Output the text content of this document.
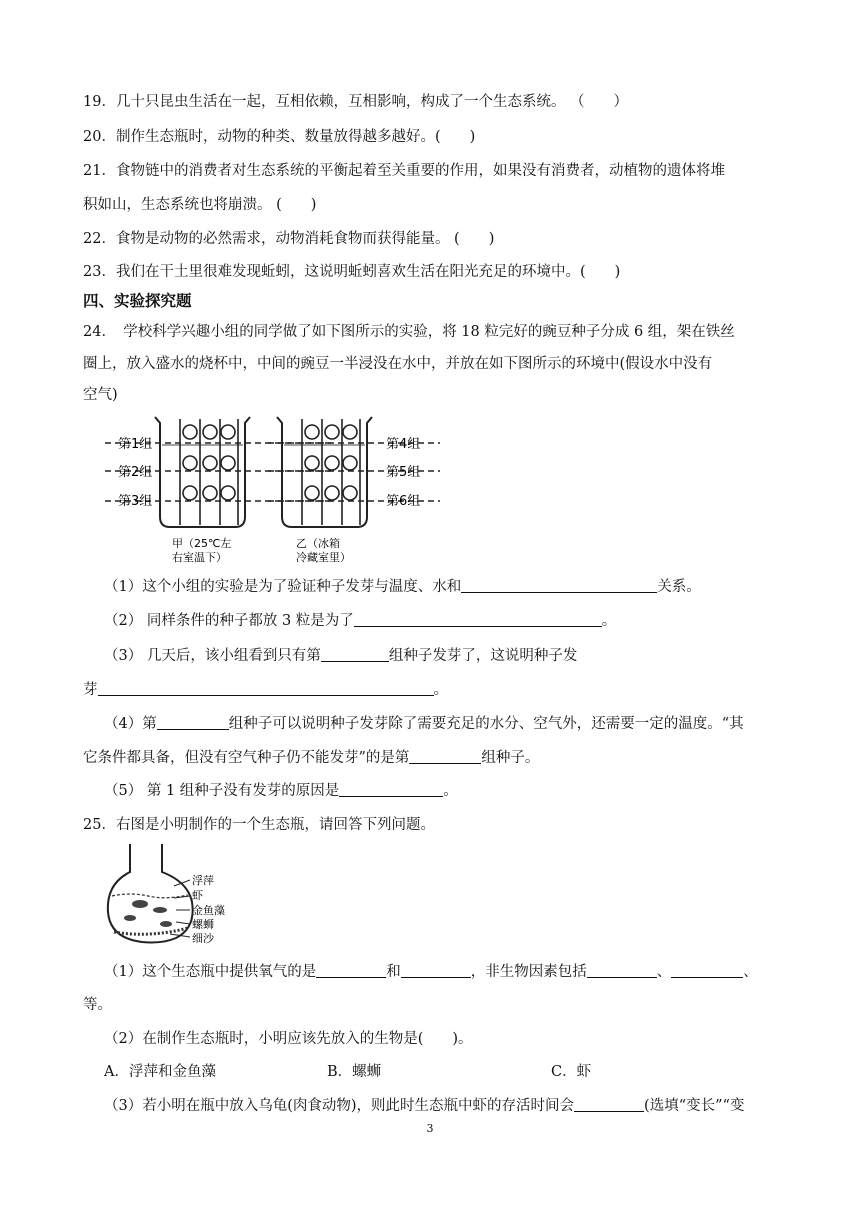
19．几十只昆虫生活在一起，互相依赖，互相影响，构成了一个生态系统。 （　　）
20．制作生态瓶时，动物的种类、数量放得越多越好。(　　)
21．食物链中的消费者对生态系统的平衡起着至关重要的作用，如果没有消费者，动植物的遗体将堆
积如山，生态系统也将崩溃。 (　　)
22．食物是动物的必然需求，动物消耗食物而获得能量。 (　　)
23．我们在干土里很难发现蚯蚓，这说明蚯蚓喜欢生活在阳光充足的环境中。(　　)
四、实验探究题
24．　学校科学兴趣小组的同学做了如下图所示的实验，将 18 粒完好的豌豆种子分成 6 组，架在铁丝
圈上，放入盛水的烧杯中，中间的豌豆一半浸没在水中，并放在如下图所示的环境中(假设水中没有
空气)
第1组
第2组
第3组
第4组
第5组
第6组
甲（25℃左
右室温下）
乙（冰箱
冷藏室里）
（1）这个小组的实验是为了验证种子发芽与温度、水和	关系。
（2） 同样条件的种子都放 3 粒是为了	。
（3） 几天后，该小组看到只有第	组种子发芽了，这说明种子发
芽	。
（4）第	组种子可以说明种子发芽除了需要充足的水分、空气外，还需要一定的温度。“其
它条件都具备，但没有空气种子仍不能发芽”的是第	组种子。
（5） 第 1 组种子没有发芽的原因是	。
25．右图是小明制作的一个生态瓶，请回答下列问题。
浮萍
虾
金鱼藻
螺蛳
细沙
（1）这个生态瓶中提供氧气的是	和	，非生物因素包括	、	、
等。
（2）在制作生态瓶时，小明应该先放入的生物是(　　)。
A．浮萍和金鱼藻	B．螺蛳	C．虾
（3）若小明在瓶中放入乌龟(肉食动物)，则此时生态瓶中虾的存活时间会	(选填“变长”“变
3
